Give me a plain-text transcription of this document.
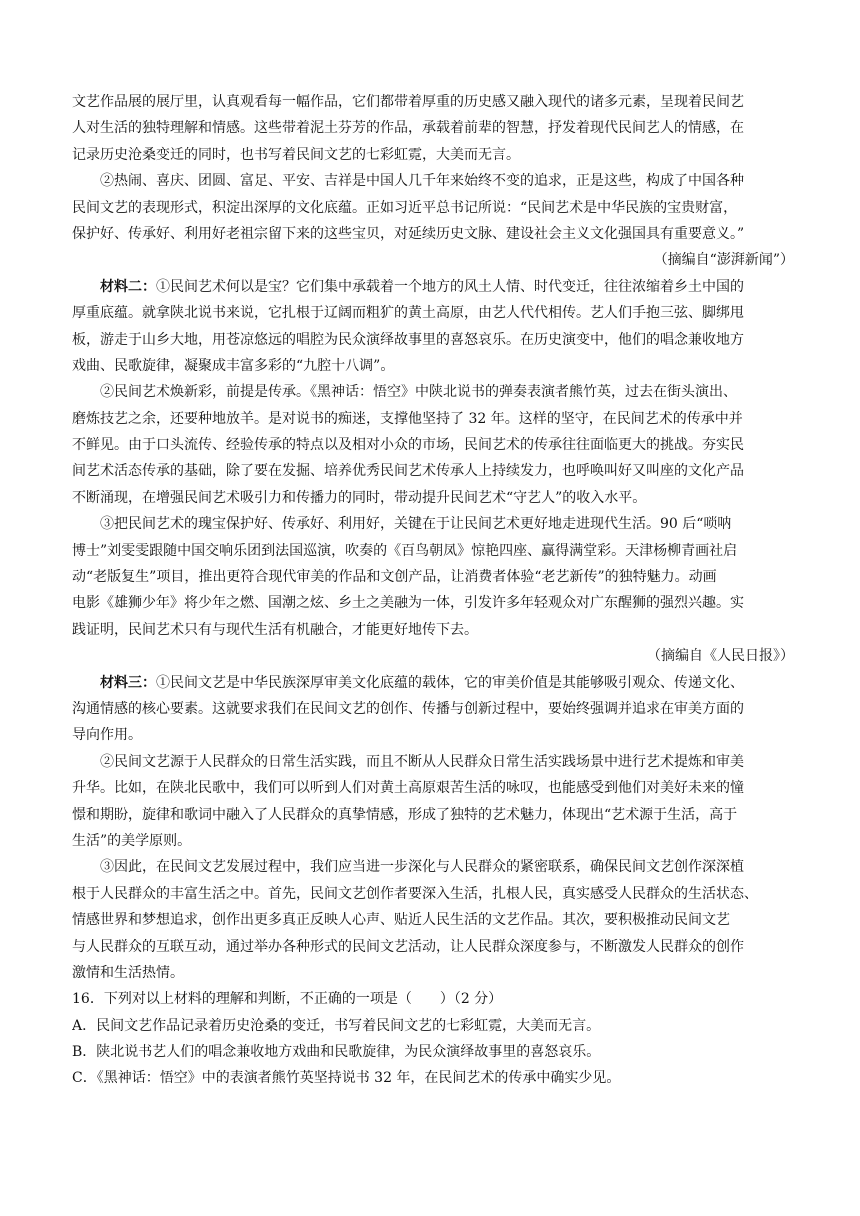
文艺作品展的展厅里，认真观看每一幅作品，它们都带着厚重的历史感又融入现代的诸多元素，呈现着民间艺
人对生活的独特理解和情感。这些带着泥土芬芳的作品，承载着前辈的智慧，抒发着现代民间艺人的情感，在
记录历史沧桑变迁的同时，也书写着民间文艺的七彩虹霓，大美而无言。
②热闹、喜庆、团圆、富足、平安、吉祥是中国人几千年来始终不变的追求，正是这些，构成了中国各种
民间文艺的表现形式，积淀出深厚的文化底蕴。正如习近平总书记所说：“民间艺术是中华民族的宝贵财富，
保护好、传承好、利用好老祖宗留下来的这些宝贝，对延续历史文脉、建设社会主义文化强国具有重要意义。”
（摘编自“澎湃新闻”）
材料二：①民间艺术何以是宝？它们集中承载着一个地方的风土人情、时代变迁，往往浓缩着乡土中国的
厚重底蕴。就拿陕北说书来说，它扎根于辽阔而粗犷的黄土高原，由艺人代代相传。艺人们手抱三弦、脚绑甩
板，游走于山乡大地，用苍凉悠远的唱腔为民众演绎故事里的喜怒哀乐。在历史演变中，他们的唱念兼收地方
戏曲、民歌旋律，凝聚成丰富多彩的“九腔十八调”。
②民间艺术焕新彩，前提是传承。《黑神话：悟空》中陕北说书的弹奏表演者熊竹英，过去在街头演出、
磨炼技艺之余，还要种地放羊。是对说书的痴迷，支撑他坚持了 32 年。这样的坚守，在民间艺术的传承中并
不鲜见。由于口头流传、经验传承的特点以及相对小众的市场，民间艺术的传承往往面临更大的挑战。夯实民
间艺术活态传承的基础，除了要在发掘、培养优秀民间艺术传承人上持续发力，也呼唤叫好又叫座的文化产品
不断涌现，在增强民间艺术吸引力和传播力的同时，带动提升民间艺术“守艺人”的收入水平。
③把民间艺术的瑰宝保护好、传承好、利用好，关键在于让民间艺术更好地走进现代生活。90 后“唢呐
博士”刘雯雯跟随中国交响乐团到法国巡演，吹奏的《百鸟朝凤》惊艳四座、赢得满堂彩。天津杨柳青画社启
动“老版复生”项目，推出更符合现代审美的作品和文创产品，让消费者体验“老艺新传”的独特魅力。动画
电影《雄狮少年》将少年之燃、国潮之炫、乡土之美融为一体，引发许多年轻观众对广东醒狮的强烈兴趣。实
践证明，民间艺术只有与现代生活有机融合，才能更好地传下去。
（摘编自《人民日报》）
材料三：①民间文艺是中华民族深厚审美文化底蕴的载体，它的审美价值是其能够吸引观众、传递文化、
沟通情感的核心要素。这就要求我们在民间文艺的创作、传播与创新过程中，要始终强调并追求在审美方面的
导向作用。
②民间文艺源于人民群众的日常生活实践，而且不断从人民群众日常生活实践场景中进行艺术提炼和审美
升华。比如，在陕北民歌中，我们可以听到人们对黄土高原艰苦生活的咏叹，也能感受到他们对美好未来的憧
憬和期盼，旋律和歌词中融入了人民群众的真挚情感，形成了独特的艺术魅力，体现出“艺术源于生活，高于
生活”的美学原则。
③因此，在民间文艺发展过程中，我们应当进一步深化与人民群众的紧密联系，确保民间文艺创作深深植
根于人民群众的丰富生活之中。首先，民间文艺创作者要深入生活，扎根人民，真实感受人民群众的生活状态、
情感世界和梦想追求，创作出更多真正反映人心声、贴近人民生活的文艺作品。其次，要积极推动民间文艺
与人民群众的互联互动，通过举办各种形式的民间文艺活动，让人民群众深度参与，不断激发人民群众的创作
激情和生活热情。
16．下列对以上材料的理解和判断，不正确的一项是（　　）（2 分）
A．民间文艺作品记录着历史沧桑的变迁，书写着民间文艺的七彩虹霓，大美而无言。
B．陕北说书艺人们的唱念兼收地方戏曲和民歌旋律，为民众演绎故事里的喜怒哀乐。
C．《黑神话：悟空》中的表演者熊竹英坚持说书 32 年，在民间艺术的传承中确实少见。
